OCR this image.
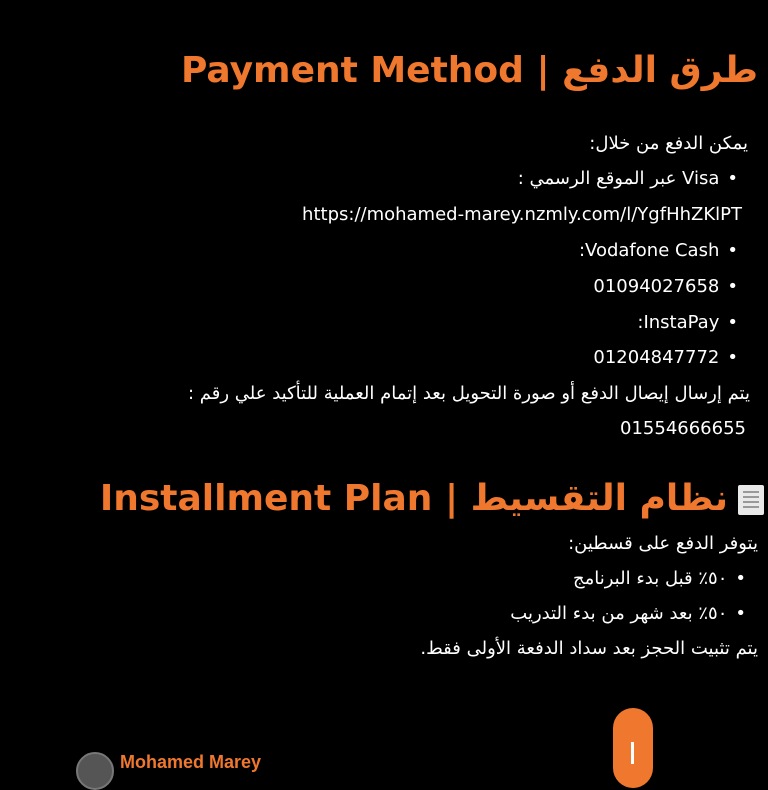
طرق الدفع | Payment Method
يمكن الدفع من خلال:
•Visa عبر الموقع الرسمي :
https://mohamed-marey.nzmly.com/l/YgfHhZKlPT
•Vodafone Cash:
•01094027658
•InstaPay:
•01204847772
يتم إرسال إيصال الدفع أو صورة التحويل بعد إتمام العملية للتأكيد علي رقم :
01554666655
نظام التقسيط | Installment Plan
يتوفر الدفع على قسطين:
•٥٠٪ قبل بدء البرنامج
•٥٠٪ بعد شهر من بدء التدريب
يتم تثبيت الحجز بعد سداد الدفعة الأولى فقط.
Mohamed Marey
